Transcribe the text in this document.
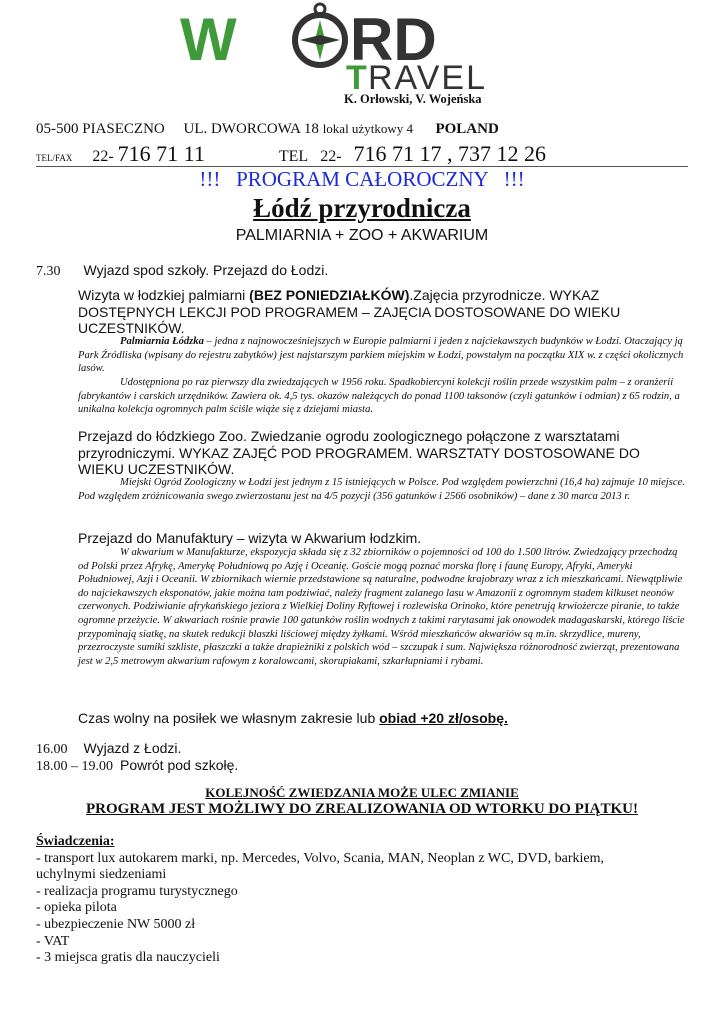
W RD
T RAVEL
K. Orłowski, V. Wojeńska
05-500 PIASECZNO UL. DWORCOWA 18 lokal użytkowy 4 POLAND
TEL/FAX 22- 716 71 11	TEL 22- 716 71 17 , 737 12 26
!!!   PROGRAM CAŁOROCZNY   !!!
Łódź przyrodnicza
PALMIARNIA + ZOO + AKWARIUM
7.30 Wyjazd spod szkoły. Przejazd do Łodzi.
Wizyta w łodzkiej palmiarni (BEZ PONIEDZIAŁKÓW).Zajęcia przyrodnicze. WYKAZ DOSTĘPNYCH LEKCJI POD PROGRAMEM – ZAJĘCIA DOSTOSOWANE DO WIEKU UCZESTNIKÓW.
Palmiarnia Łódzka – jedna z najnowocześniejszych w Europie palmiarni i jeden z najciekawszych budynków w Łodzi. Otaczający ją Park Źródliska (wpisany do rejestru zabytków) jest najstarszym parkiem miejskim w Łodzi, powstałym na początku XIX w. z części okolicznych lasów.
Udostępniona po raz pierwszy dla zwiedzających w 1956 roku. Spadkobiercyni kolekcji roślin przede wszystkim palm – z oranżerii fabrykantów i carskich urzędników. Zawiera ok. 4,5 tys. okazów należących do ponad 1100 taksonów (czyli gatunków i odmian) z 65 rodzin, a unikalna kolekcja ogromnych palm ściśle wiąże się z dziejami miasta.
Przejazd do łódzkiego Zoo. Zwiedzanie ogrodu zoologicznego połączone z warsztatami przyrodniczymi. WYKAZ ZAJĘĆ POD PROGRAMEM. WARSZTATY DOSTOSOWANE DO WIEKU UCZESTNIKÓW.
Miejski Ogród Zoologiczny w Łodzi jest jednym z 15 istniejących w Polsce. Pod względem powierzchni (16,4 ha) zajmuje 10 miejsce. Pod względem zróżnicowania swego zwierzostanu jest na 4/5 pozycji (356 gatunków i 2566 osobników) – dane z 30 marca 2013 r.
Przejazd do Manufaktury – wizyta w Akwarium łodzkim.
W akwarium w Manufakturze, ekspozycja składa się z 32 zbiorników o pojemności od 100 do 1.500 litrów. Zwiedzający przechodzą od Polski przez Afrykę, Amerykę Południową po Azję i Oceanię. Goście mogą poznać morska florę i faunę Europy, Afryki, Ameryki Południowej, Azji i Oceanii. W zbiornikach wiernie przedstawione są naturalne, podwodne krajobrazy wraz z ich mieszkańcami. Niewątpliwie do najciekawszych eksponatów, jakie można tam podziwiać, należy fragment zalanego lasu w Amazonii z ogromnym stadem kilkuset neonów czerwonych. Podziwianie afrykańskiego jeziora z Wielkiej Doliny Ryftowej i rozlewiska Orinoko, które penetrują krwiożercze piranie, to także ogromne przeżycie. W akwariach rośnie prawie 100 gatunków roślin wodnych z takimi rarytasami jak onowodek madagaskarski, którego liście przypominają siatkę, na skutek redukcji blaszki liściowej między żyłkami. Wśród mieszkańców akwariów są m.in. skrzydlice, mureny, przezroczyste sumiki szkliste, płaszczki a także drapieżniki z polskich wód – szczupak i sum. Największa różnorodność zwierząt, prezentowana jest w 2,5 metrowym akwarium rafowym z koralowcami, skorupiakami, szkarłupniami i rybami.
Czas wolny na posiłek we własnym zakresie lub obiad +20 zł/osobę.
16.00 Wyjazd z Łodzi.
18.00 – 19.00 Powrót pod szkołę.
KOLEJNOŚĆ ZWIEDZANIA MOŻE ULEC ZMIANIE
PROGRAM JEST MOŻLIWY DO ZREALIZOWANIA OD WTORKU DO PIĄTKU!
Świadczenia:
- transport lux autokarem marki, np. Mercedes, Volvo, Scania, MAN, Neoplan z WC, DVD, barkiem,
uchylnymi siedzeniami
- realizacja programu turystycznego
- opieka pilota
- ubezpieczenie NW 5000 zł
- VAT
- 3 miejsca gratis dla nauczycieli
